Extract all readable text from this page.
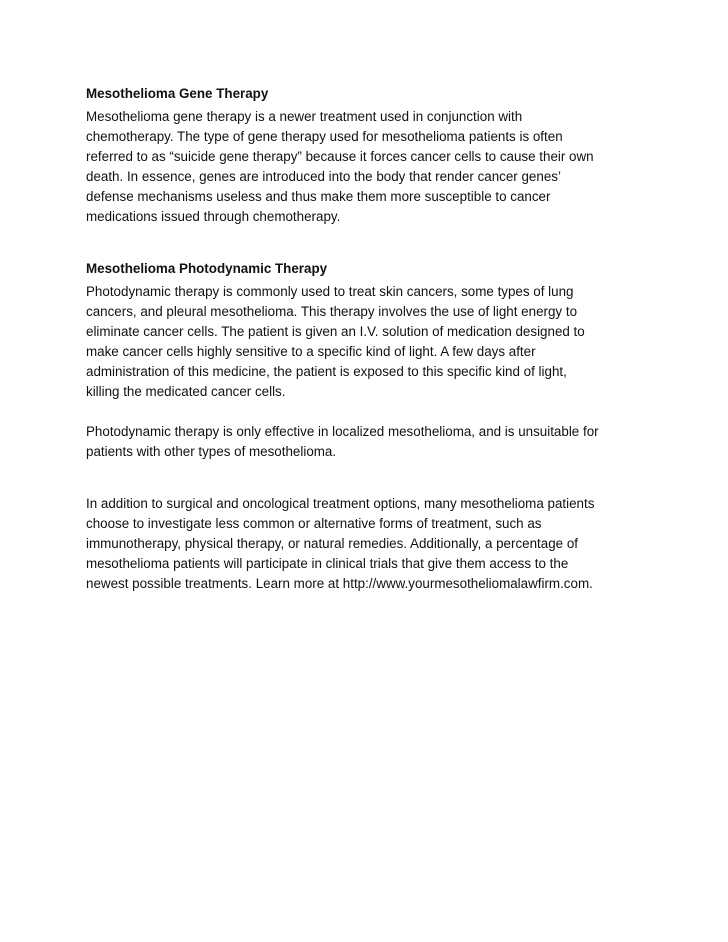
Mesothelioma Gene Therapy

Mesothelioma gene therapy is a newer treatment used in conjunction with
chemotherapy. The type of gene therapy used for mesothelioma patients is often
referred to as “suicide gene therapy” because it forces cancer cells to cause their own
death. In essence, genes are introduced into the body that render cancer genes’
defense mechanisms useless and thus make them more susceptible to cancer
medications issued through chemotherapy.

Mesothelioma Photodynamic Therapy

Photodynamic therapy is commonly used to treat skin cancers, some types of lung
cancers, and pleural mesothelioma. This therapy involves the use of light energy to
eliminate cancer cells. The patient is given an I.V. solution of medication designed to
make cancer cells highly sensitive to a specific kind of light. A few days after
administration of this medicine, the patient is exposed to this specific kind of light,
killing the medicated cancer cells.

Photodynamic therapy is only effective in localized mesothelioma, and is unsuitable for
patients with other types of mesothelioma.

In addition to surgical and oncological treatment options, many mesothelioma patients
choose to investigate less common or alternative forms of treatment, such as
immunotherapy, physical therapy, or natural remedies. Additionally, a percentage of
mesothelioma patients will participate in clinical trials that give them access to the
newest possible treatments. Learn more at http://www.yourmesotheliomalawfirm.com.
